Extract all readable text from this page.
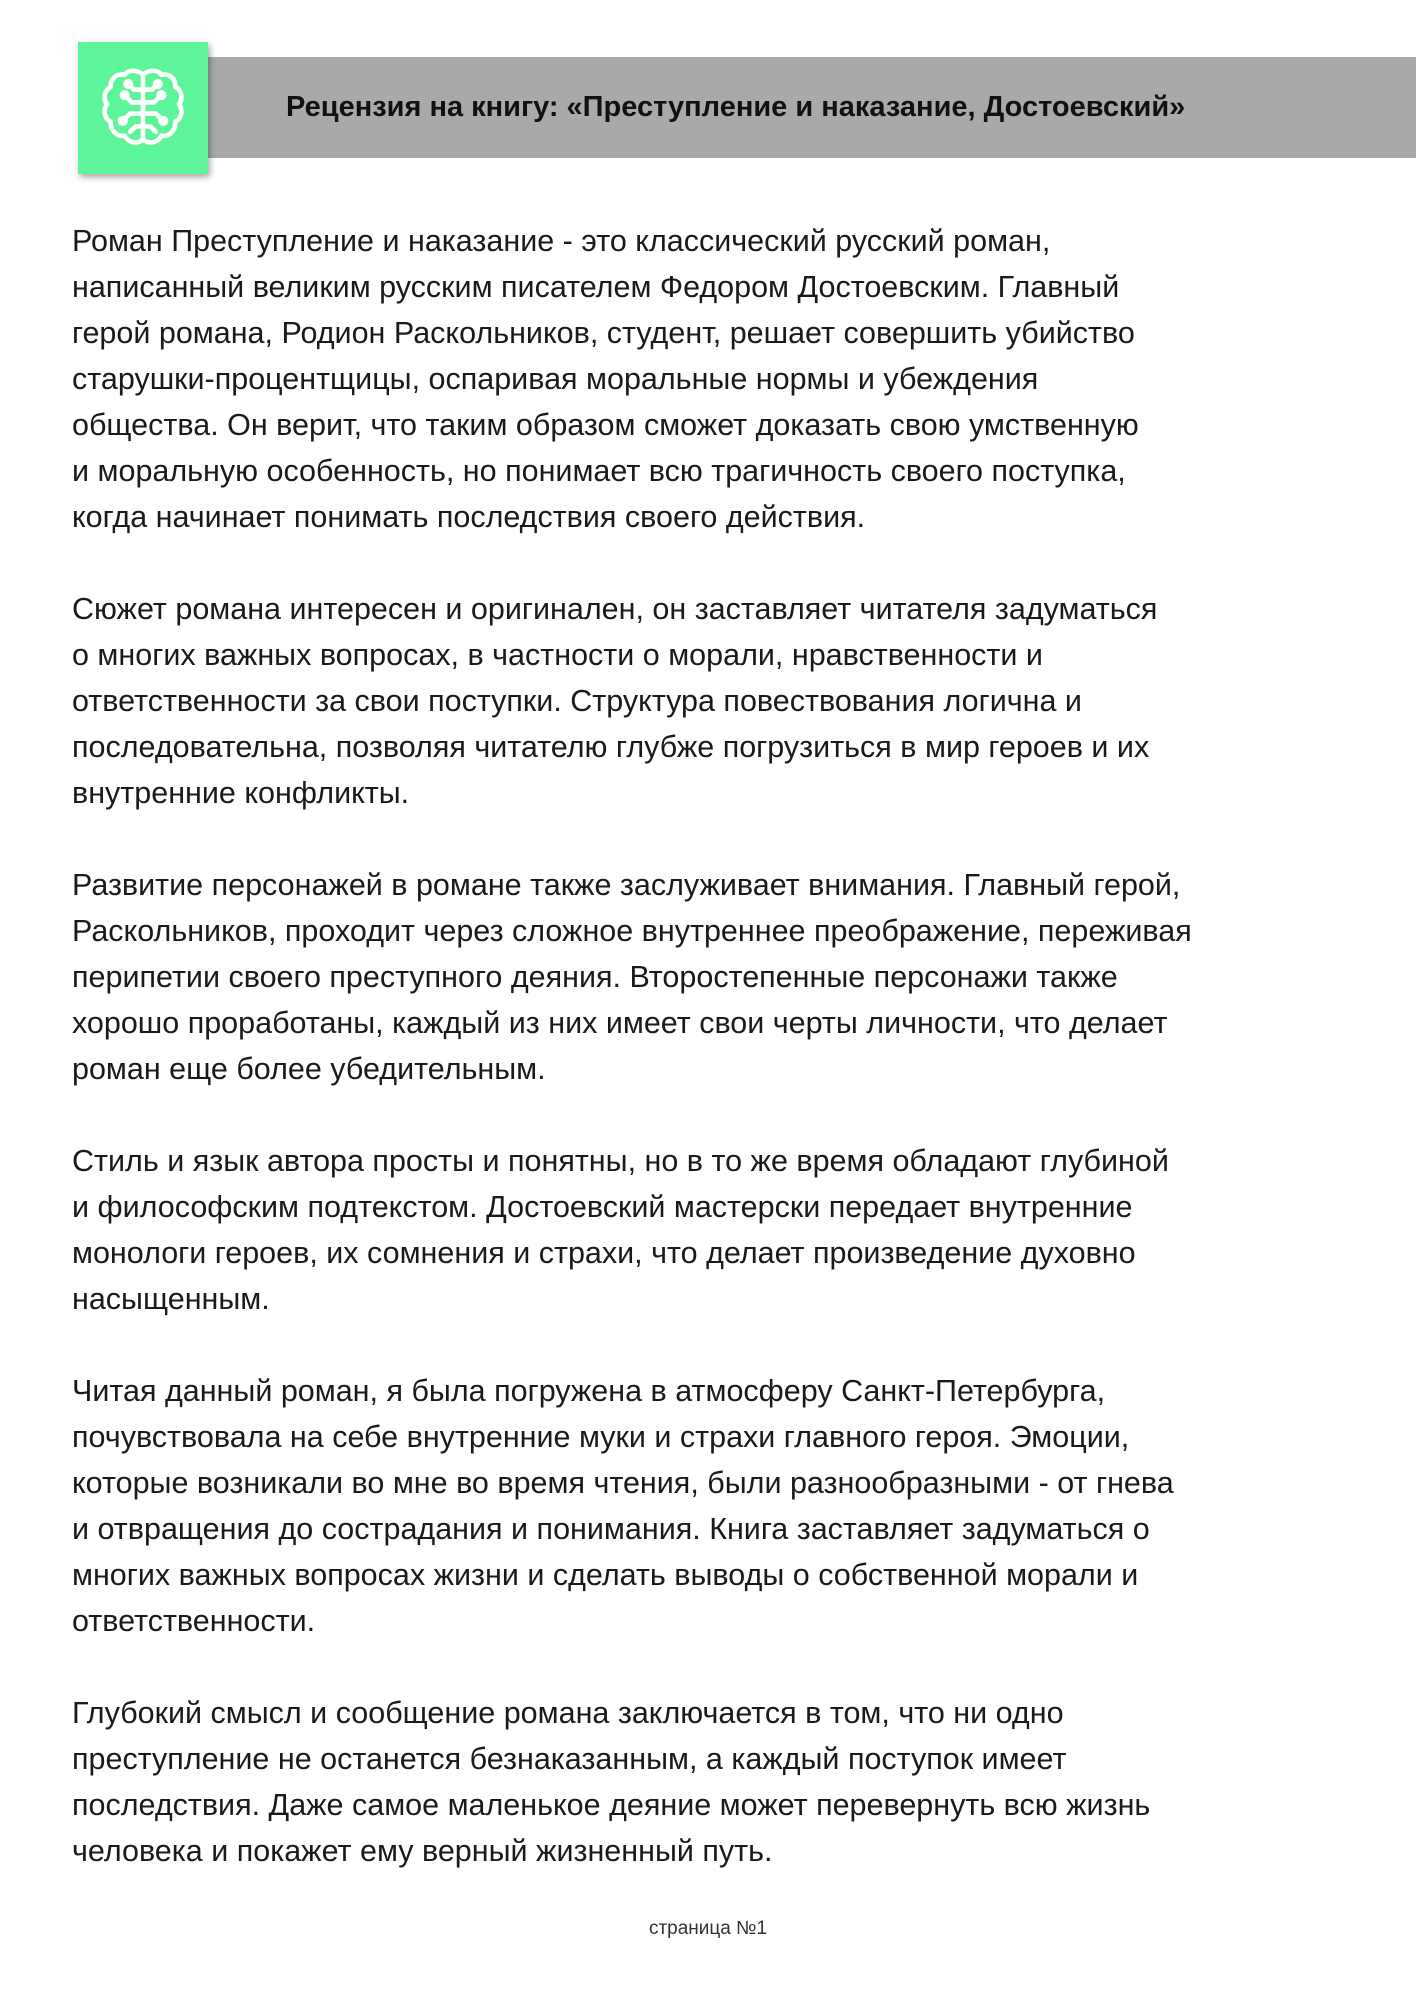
Рецензия на книгу: «Преступление и наказание, Достоевский»

Роман Преступление и наказание - это классический русский роман,
написанный великим русским писателем Федором Достоевским. Главный
герой романа, Родион Раскольников, студент, решает совершить убийство
старушки-процентщицы, оспаривая моральные нормы и убеждения
общества. Он верит, что таким образом сможет доказать свою умственную
и моральную особенность, но понимает всю трагичность своего поступка,
когда начинает понимать последствия своего действия.

Сюжет романа интересен и оригинален, он заставляет читателя задуматься
о многих важных вопросах, в частности о морали, нравственности и
ответственности за свои поступки. Структура повествования логична и
последовательна, позволяя читателю глубже погрузиться в мир героев и их
внутренние конфликты.

Развитие персонажей в романе также заслуживает внимания. Главный герой,
Раскольников, проходит через сложное внутреннее преображение, переживая
перипетии своего преступного деяния. Второстепенные персонажи также
хорошо проработаны, каждый из них имеет свои черты личности, что делает
роман еще более убедительным.

Стиль и язык автора просты и понятны, но в то же время обладают глубиной
и философским подтекстом. Достоевский мастерски передает внутренние
монологи героев, их сомнения и страхи, что делает произведение духовно
насыщенным.

Читая данный роман, я была погружена в атмосферу Санкт-Петербурга,
почувствовала на себе внутренние муки и страхи главного героя. Эмоции,
которые возникали во мне во время чтения, были разнообразными - от гнева
и отвращения до сострадания и понимания. Книга заставляет задуматься о
многих важных вопросах жизни и сделать выводы о собственной морали и
ответственности.

Глубокий смысл и сообщение романа заключается в том, что ни одно
преступление не останется безнаказанным, а каждый поступок имеет
последствия. Даже самое маленькое деяние может перевернуть всю жизнь
человека и покажет ему верный жизненный путь.

страница №1
